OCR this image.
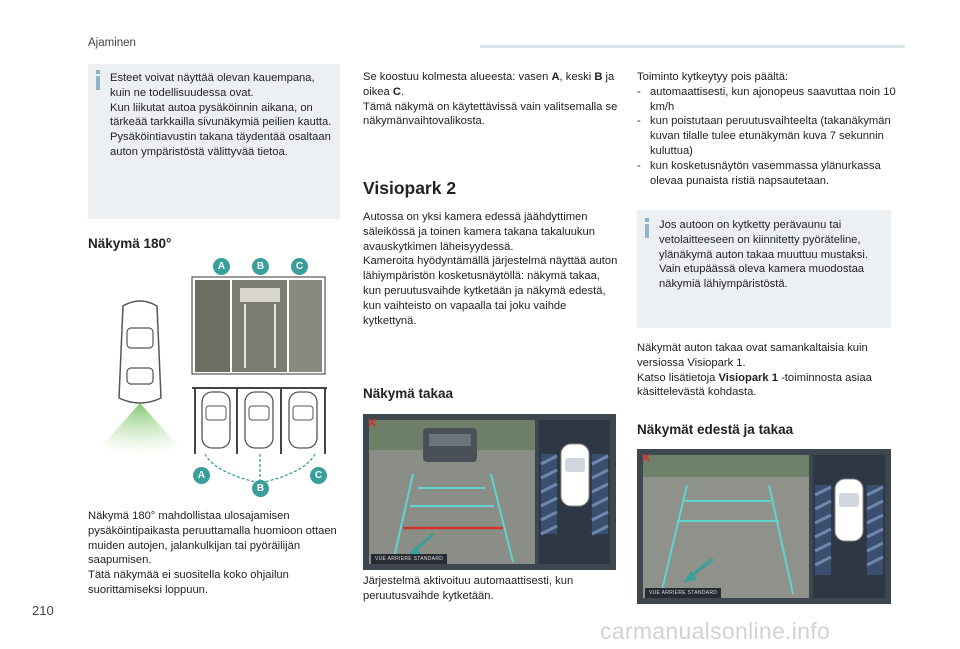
Ajaminen
210
carmanualsonline.info

Esteet voivat näyttää olevan kauempana, kuin ne todellisuudessa ovat.

Kun liikutat autoa pysäköinnin aikana, on tärkeää tarkkailla sivunäkymiä peilien kautta.

Pysäköintiavustin takana täydentää osaltaan auton ympäristöstä välittyvää tietoa.

Näkymä 180°
A	B	C
A
B
C

Näkymä 180° mahdollistaa ulosajamisen pysäköintipaikasta peruuttamalla huomioon ottaen muiden autojen, jalankulkijan tai pyöräilijän saapumisen.

Tätä näkymää ei suositella koko ohjailun suorittamiseksi loppuun.

Se koostuu kolmesta alueesta: vasen A, keski B ja oikea C.

Tämä näkymä on käytettävissä vain valitsemalla se näkymänvaihtovalikosta.

Visiopark 2

Autossa on yksi kamera edessä jäähdyttimen säleikössä ja toinen kamera takana takaluukun avauskytkimen läheisyydessä.

Kameroita hyödyntämällä järjestelmä näyttää auton lähiympäristön kosketusnäytöllä: näkymä takaa, kun peruutusvaihde kytketään ja näkymä edestä, kun vaihteisto on vapaalla tai joku vaihde kytkettynä.

Näkymä takaa
✕
VUE ARRIERE STANDARD
Järjestelmä aktivoituu automaattisesti, kun peruutusvaihde kytketään.

Toiminto kytkeytyy pois päältä:

- automaattisesti, kun ajonopeus saavuttaa noin 10 km/h
- kun poistutaan peruutusvaihteelta (takanäkymän kuvan tilalle tulee etunäkymän kuva 7 sekunnin kuluttua)
- kun kosketusnäytön vasemmassa ylänurkassa olevaa punaista ristiä napsautetaan.

Jos autoon on kytketty perävaunu tai vetolaitteeseen on kiinnitetty pyöräteline, ylänäkymä auton takaa muuttuu mustaksi. Vain etupäässä oleva kamera muodostaa näkymiä lähiympäristöstä.

Näkymät auton takaa ovat samankaltaisia kuin versiossa Visiopark 1.

Katso lisätietoja Visiopark 1 -toiminnosta asiaa käsittelevästä kohdasta.

Näkymät edestä ja takaa
✕
VUE ARRIERE STANDARD
